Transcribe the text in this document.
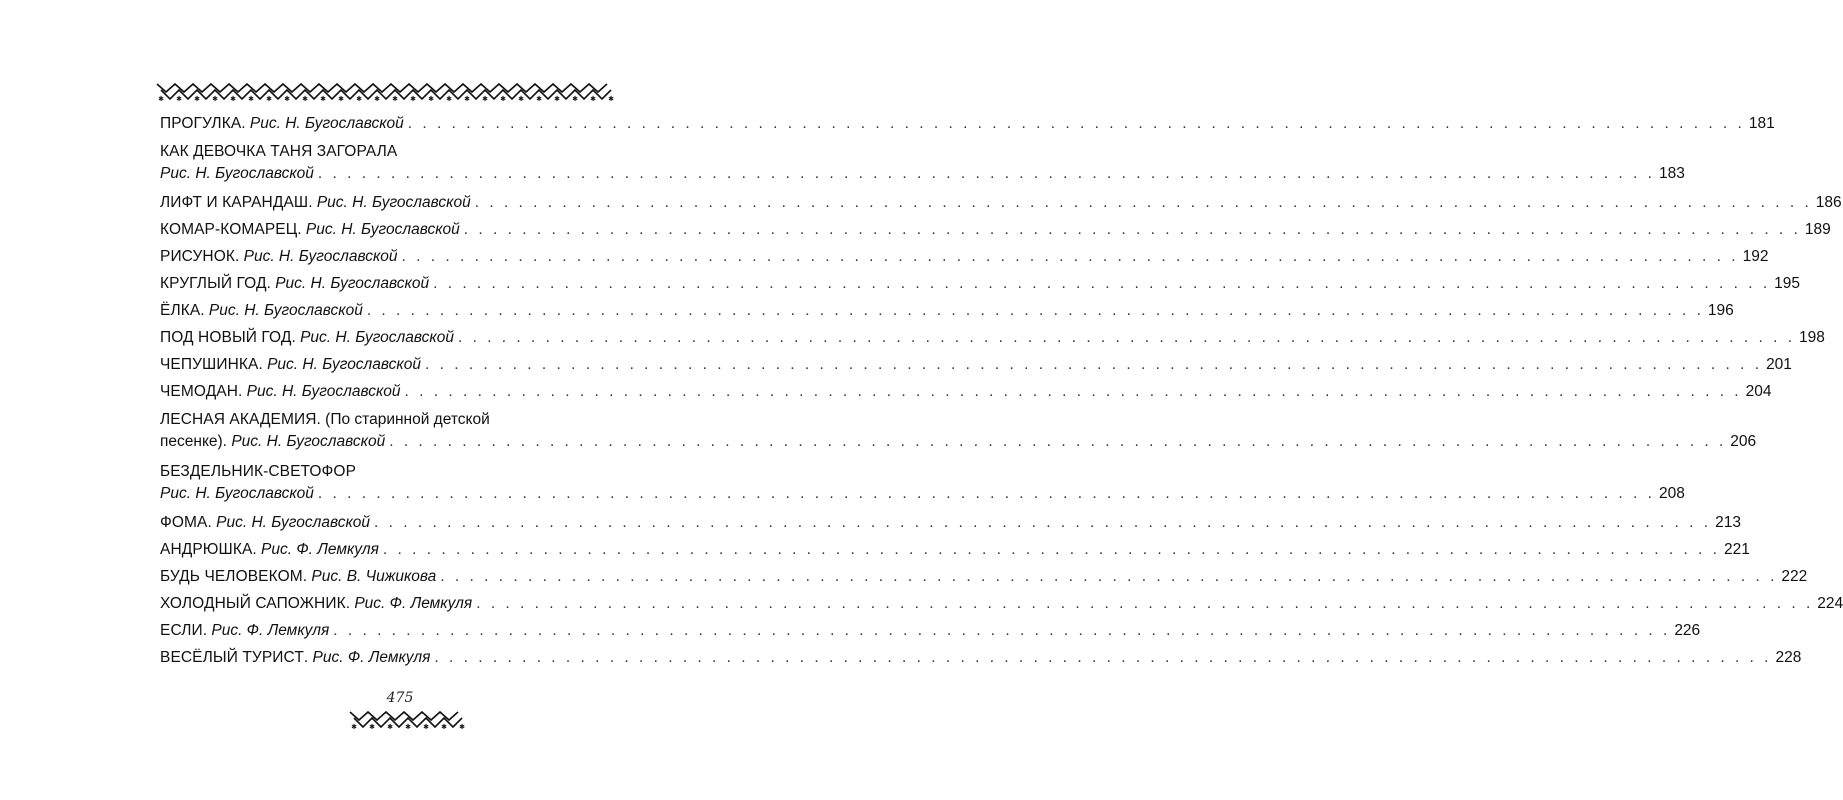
✱ ✱ ✱ ✱ ✱ ✱ ✱ ✱ ✱ ✱ ✱ ✱ ✱ ✱ ✱ ✱ ✱ ✱ ✱ ✱ ✱ ✱ ✱ ✱ ✱ ✱
ПРОГУЛКА . Рис. Н. Бугославской . . .	181
КАК ДЕВОЧКА ТАНЯ ЗАГОРАЛА
Рис. Н. Бугославской . . .	183
ЛИФТ И КАРАНДАШ . Рис. Н. Бугославской . . .	186
КОМАР-КОМАРЕЦ . Рис. Н. Бугославской . . .	189
РИСУНОК . Рис. Н. Бугославской . . .	192
КРУГЛЫЙ ГОД . Рис. Н. Бугославской . . .	195
ЁЛКА . Рис. Н. Бугославской . . .	196
ПОД НОВЫЙ ГОД . Рис. Н. Бугославской . . .	198
ЧЕПУШИНКА . Рис. Н. Бугославской . . .	201
ЧЕМОДАН . Рис. Н. Бугославской . . .	204
ЛЕСНАЯ АКАДЕМИЯ. (По старинной детской
песенке).
Рис. Н. Бугославской . . .	206
БЕЗДЕЛЬНИК-СВЕТОФОР
Рис. Н. Бугославской . . .	208
ФОМА . Рис. Н. Бугославской . . .	213
АНДРЮШКА . Рис. Ф. Лемкуля . . .	221
БУДЬ ЧЕЛОВЕКОМ . Рис. В. Чижикова . . .	222
ХОЛОДНЫЙ САПОЖНИК . Рис. Ф. Лемкуля . . .	224
ЕСЛИ . Рис. Ф. Лемкуля . . .	226
ВЕСЁЛЫЙ ТУРИСТ . Рис. Ф. Лемкуля . . .	228
475
✱ ✱ ✱ ✱ ✱ ✱ ✱
